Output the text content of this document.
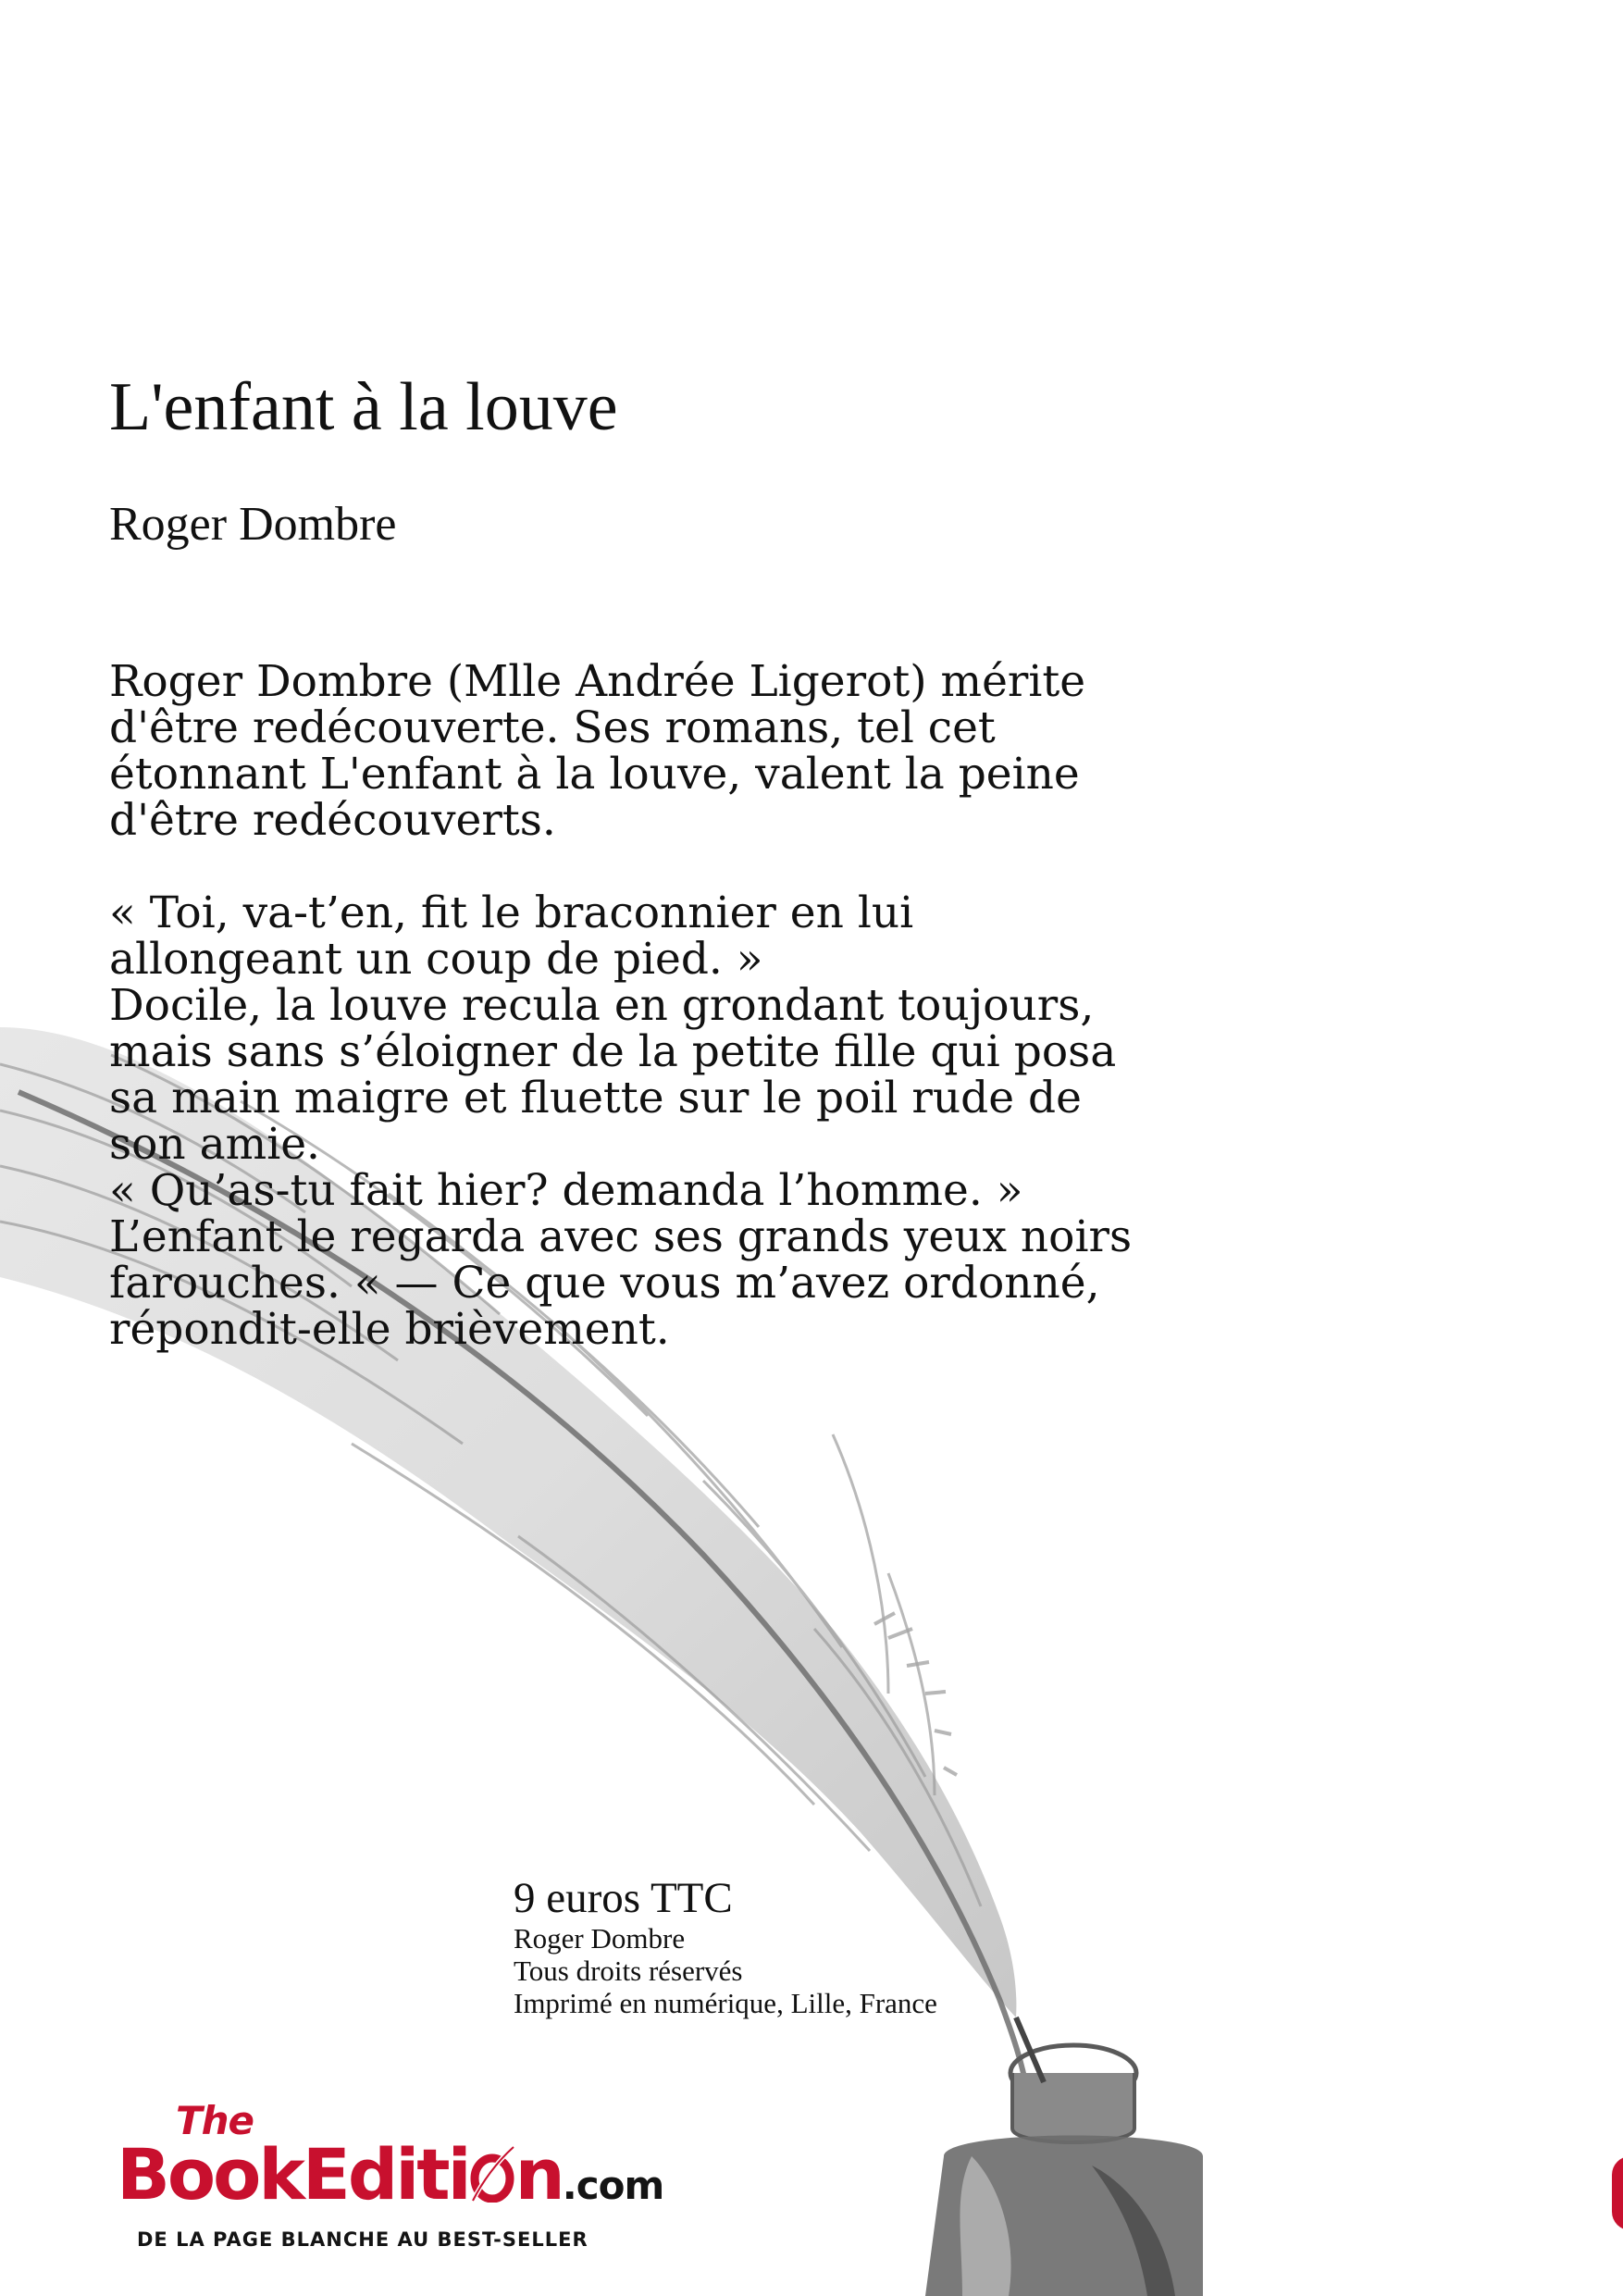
L'enfant à la louve
Roger Dombre

Roger Dombre (Mlle Andrée Ligerot) mérite

d'être redécouverte. Ses romans, tel cet

étonnant L'enfant à la louve, valent la peine

d'être redécouverts.

« Toi, va-t’en, fit le braconnier en lui

allongeant un coup de pied. »

Docile, la louve recula en grondant toujours,

mais sans s’éloigner de la petite fille qui posa

sa main maigre et fluette sur le poil rude de

son amie.

« Qu’as-tu fait hier? demanda l’homme. »

L’enfant le regarda avec ses grands yeux noirs

farouches. « — Ce que vous m’avez ordonné,

répondit-elle brièvement.

9 euros TTC
Roger Dombre
Tous droits réservés
Imprimé en numérique, Lille, France
The
BookEditi n.com
DE LA PAGE BLANCHE AU BEST-SELLER
